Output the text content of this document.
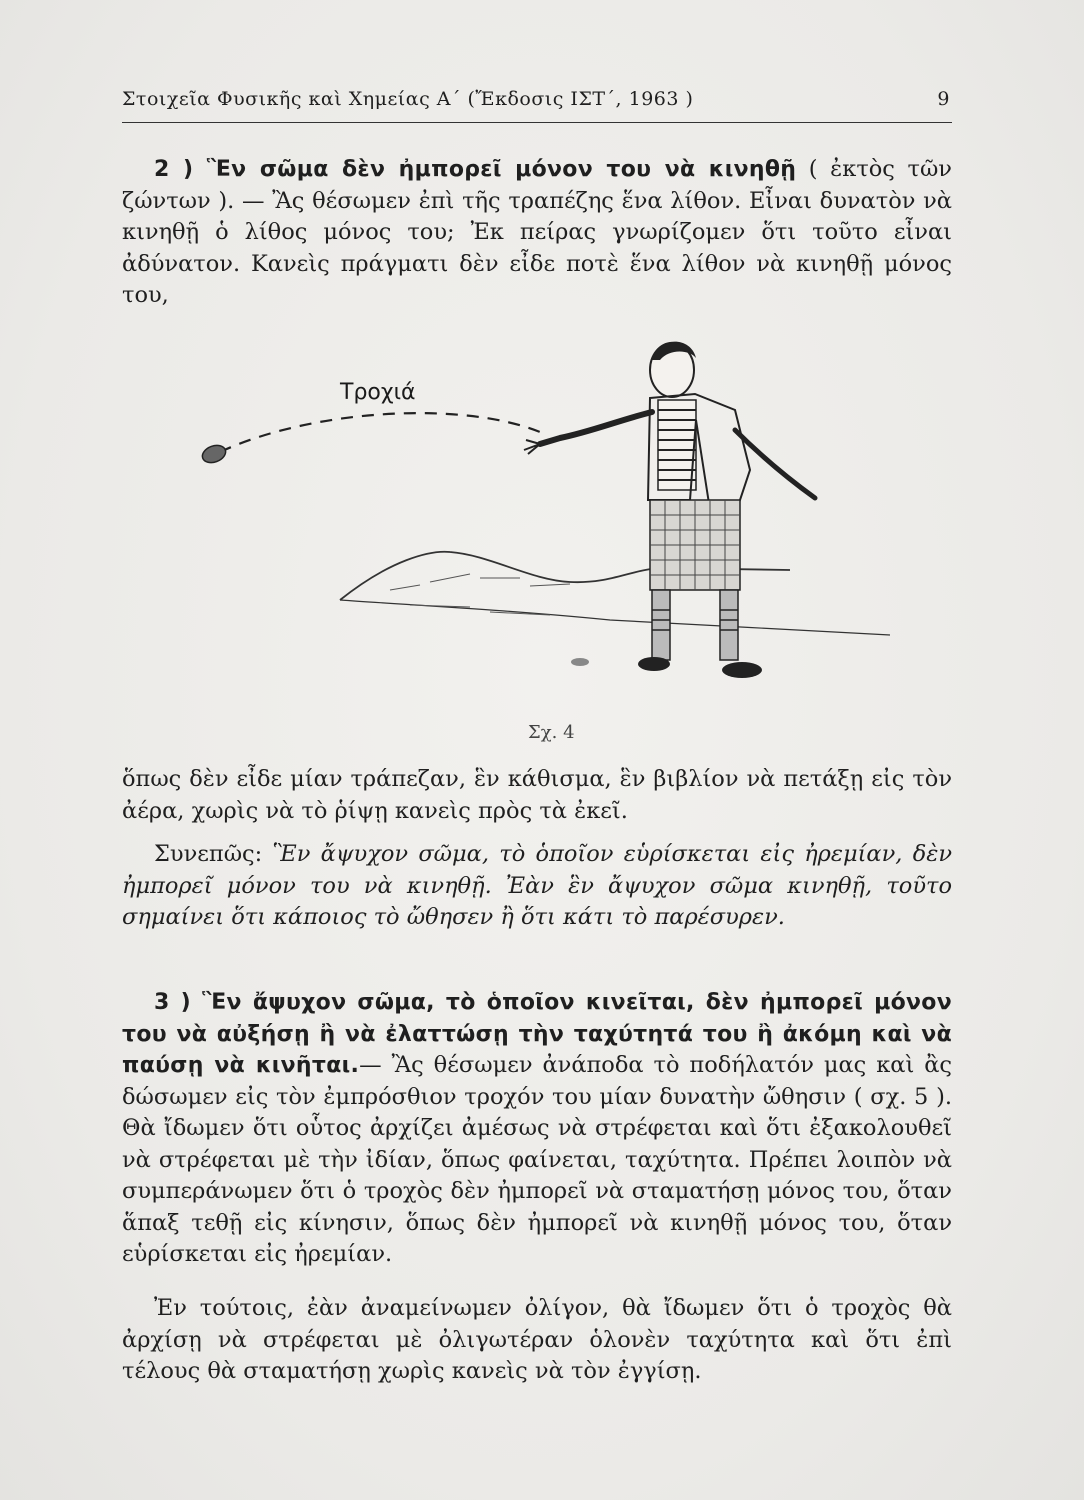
Στοιχεῖα Φυσικῆς καὶ Χημείας Α΄ (Ἔκδοσις ΙΣΤ΄, 1963 )	9

2 ) Ἓν σῶμα δὲν ἠμπορεῖ μόνον του νὰ κινηθῇ ( ἐκτὸς τῶν ζώντων ). — Ἂς θέσωμεν ἐπὶ τῆς τραπέζης ἕνα λίθον. Εἶναι δυνατὸν νὰ κινηθῇ ὁ λίθος μόνος του; Ἐκ πείρας γνωρίζομεν ὅτι τοῦτο εἶναι ἀδύνατον. Κανεὶς πράγματι δὲν εἶδε ποτὲ ἕνα λίθον νὰ κινηθῇ μόνος του,

Τροχιά
Σχ. 4

ὅπως δὲν εἶδε μίαν τράπεζαν, ἓν κάθισμα, ἓν βιβλίον νὰ πετάξῃ εἰς τὸν ἀέρα, χωρὶς νὰ τὸ ῥίψῃ κανεὶς πρὸς τὰ ἐκεῖ.

Συνεπῶς: Ἓν ἄψυχον σῶμα, τὸ ὁποῖον εὑρίσκεται εἰς ἠρεμίαν, δὲν ἠμπορεῖ μόνον του νὰ κινηθῇ. Ἐὰν ἓν ἄψυχον σῶμα κινηθῇ, τοῦτο σημαίνει ὅτι κάποιος τὸ ὤθησεν ἢ ὅτι κάτι τὸ παρέσυρεν.

3 ) Ἓν ἄψυχον σῶμα, τὸ ὁποῖον κινεῖται, δὲν ἠμπορεῖ μόνον του νὰ αὐξήσῃ ἢ νὰ ἐλαττώσῃ τὴν ταχύτητά του ἢ ἀκόμη καὶ νὰ παύσῃ νὰ κινῆται.— Ἂς θέσωμεν ἀνάποδα τὸ ποδήλατόν μας καὶ ἂς δώσωμεν εἰς τὸν ἐμπρόσθιον τροχόν του μίαν δυνατὴν ὤθησιν ( σχ. 5 ). Θὰ ἴδωμεν ὅτι οὗτος ἀρχίζει ἀμέσως νὰ στρέφεται καὶ ὅτι ἐξακολουθεῖ νὰ στρέφεται μὲ τὴν ἰδίαν, ὅπως φαίνεται, ταχύτητα. Πρέπει λοιπὸν νὰ συμπεράνωμεν ὅτι ὁ τροχὸς δὲν ἠμπορεῖ νὰ σταματήσῃ μόνος του, ὅταν ἅπαξ τεθῇ εἰς κίνησιν, ὅπως δὲν ἠμπορεῖ νὰ κινηθῇ μόνος του, ὅταν εὑρίσκεται εἰς ἠρεμίαν.

Ἐν τούτοις, ἐὰν ἀναμείνωμεν ὀλίγον, θὰ ἴδωμεν ὅτι ὁ τροχὸς θὰ ἀρχίσῃ νὰ στρέφεται μὲ ὀλιγωτέραν ὁλονὲν ταχύτητα καὶ ὅτι ἐπὶ τέλους θὰ σταματήσῃ χωρὶς κανεὶς νὰ τὸν ἐγγίσῃ.
